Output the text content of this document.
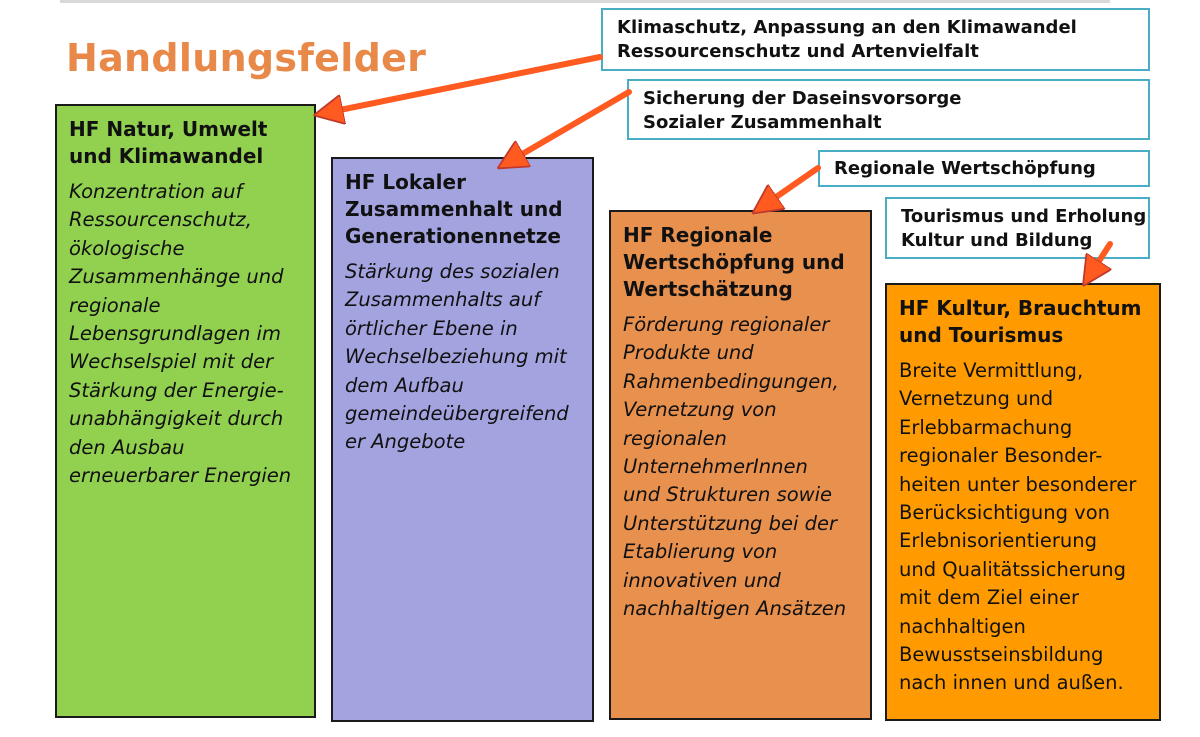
Handlungsfelder
Klimaschutz, Anpassung an den Klimawandel
Ressourcenschutz und Artenvielfalt
Sicherung der Daseinsvorsorge
Sozialer Zusammenhalt
Regionale Wertschöpfung
Tourismus und Erholung
Kultur und Bildung
HF Natur, Umwelt
und Klimawandel

Konzentration auf
Ressourcenschutz,
ökologische
Zusammenhänge und
regionale
Lebensgrundlagen im
Wechselspiel mit der
Stärkung der Energie-
unabhängigkeit durch
den Ausbau
erneuerbarer Energien

HF Lokaler
Zusammenhalt und
Generationennetze

Stärkung des sozialen
Zusammenhalts auf
örtlicher Ebene in
Wechselbeziehung mit
dem Aufbau
gemeindeübergreifend
er Angebote

HF Regionale
Wertschöpfung und
Wertschätzung

Förderung regionaler
Produkte und
Rahmenbedingungen,
Vernetzung von
regionalen
UnternehmerInnen
und Strukturen sowie
Unterstützung bei der
Etablierung von
innovativen und
nachhaltigen Ansätzen

HF Kultur, Brauchtum
und Tourismus

Breite Vermittlung,
Vernetzung und
Erlebbarmachung
regionaler Besonder-
heiten unter besonderer
Berücksichtigung von
Erlebnisorientierung
und Qualitätssicherung
mit dem Ziel einer
nachhaltigen
Bewusstseinsbildung
nach innen und außen.
